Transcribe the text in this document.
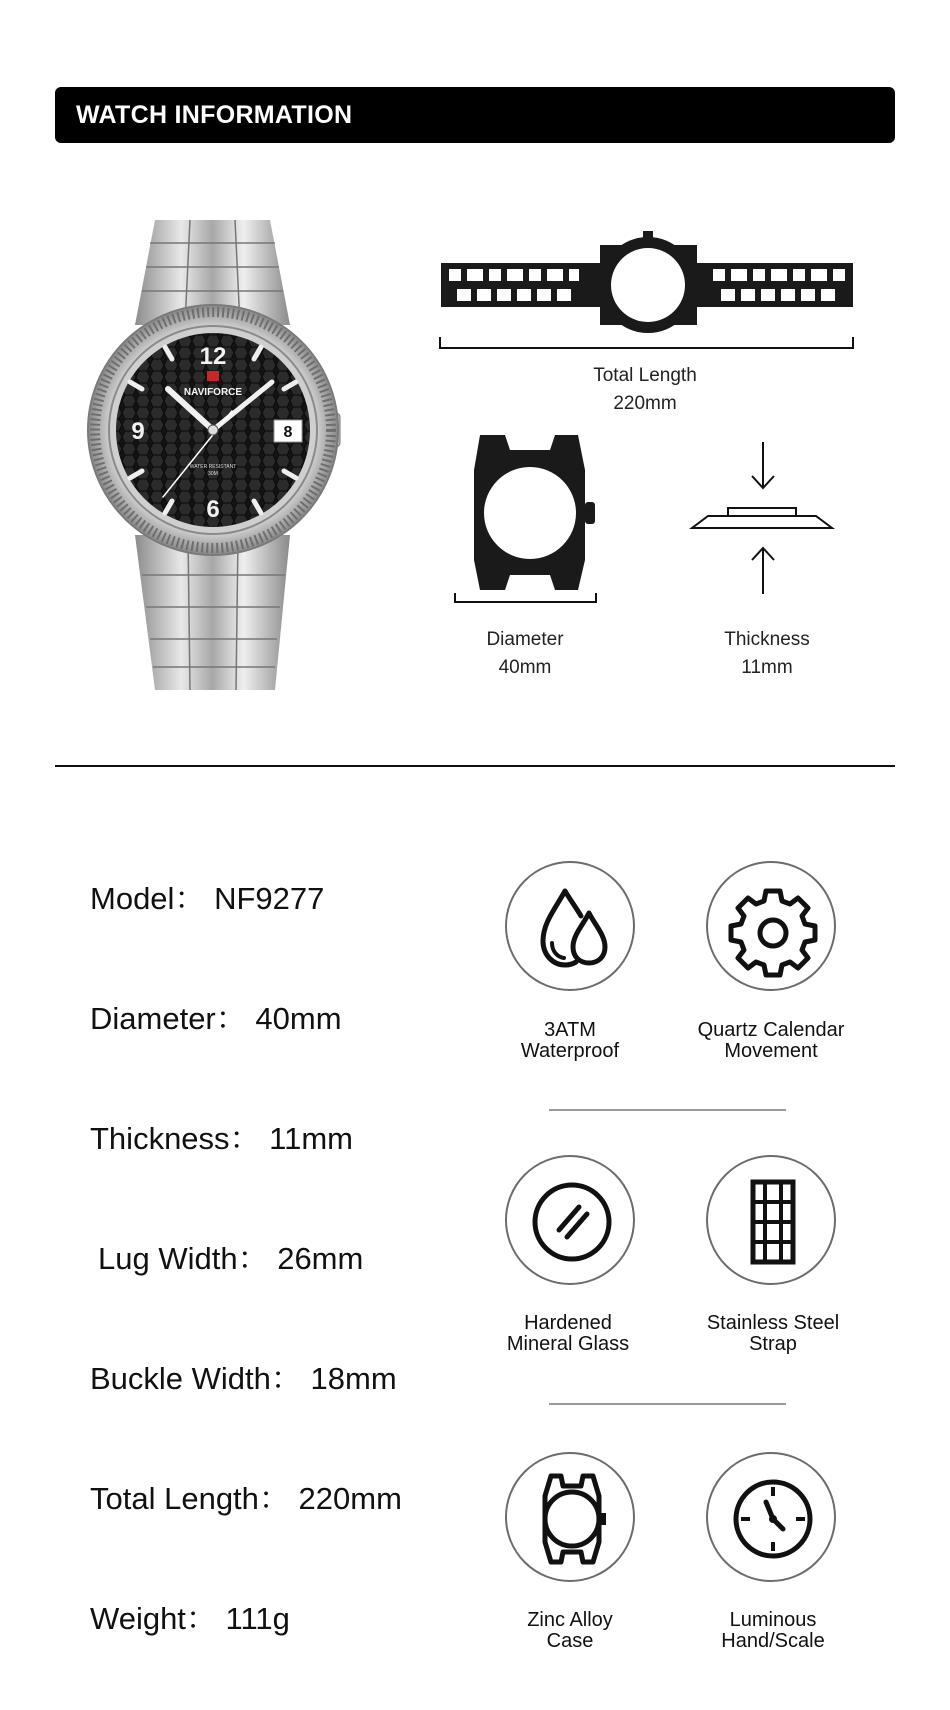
WATCH INFORMATION
12
9
6
8
NAVIFORCE
WATER RESISTANT
30M
Total Length
220mm
Diameter
40mm
Thickness
11mm
Model： NF9277
Diameter： 40mm
Thickness： 11mm
Lug Width： 26mm
Buckle Width： 18mm
Total Length： 220mm
Weight： 111g
3ATM
Waterproof
Quartz Calendar
Movement
Hardened
Mineral Glass
Stainless Steel
Strap
Zinc Alloy
Case
Luminous
Hand/Scale
